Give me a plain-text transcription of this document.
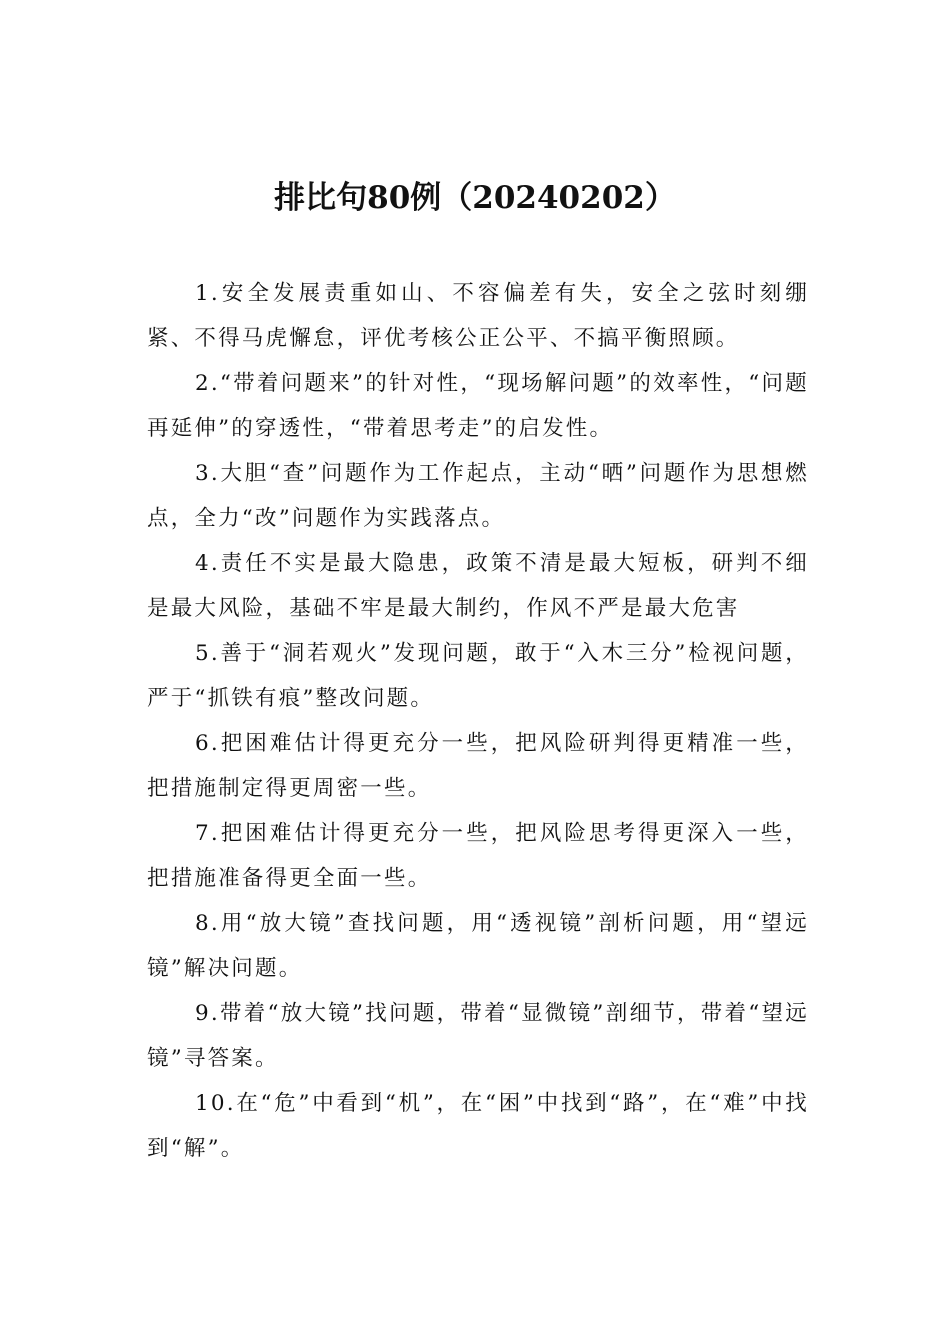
排比句80例（20240202）

1.安全发展责重如山、不容偏差有失，安全之弦时刻绷紧、不得马虎懈怠，评优考核公正公平、不搞平衡照顾。

2.“带着问题来”的针对性，“现场解问题”的效率性，“问题再延伸”的穿透性，“带着思考走”的启发性。

3.大胆“查”问题作为工作起点，主动“晒”问题作为思想燃点，全力“改”问题作为实践落点。

4.责任不实是最大隐患，政策不清是最大短板，研判不细是最大风险，基础不牢是最大制约，作风不严是最大危害

5.善于“洞若观火”发现问题，敢于“入木三分”检视问题，严于“抓铁有痕”整改问题。

6.把困难估计得更充分一些，把风险研判得更精准一些，把措施制定得更周密一些。

7.把困难估计得更充分一些，把风险思考得更深入一些，把措施准备得更全面一些。

8.用“放大镜”查找问题，用“透视镜”剖析问题，用“望远镜”解决问题。

9.带着“放大镜”找问题，带着“显微镜”剖细节，带着“望远镜”寻答案。

10.在“危”中看到“机”，在“困”中找到“路”，在“难”中找到“解”。
